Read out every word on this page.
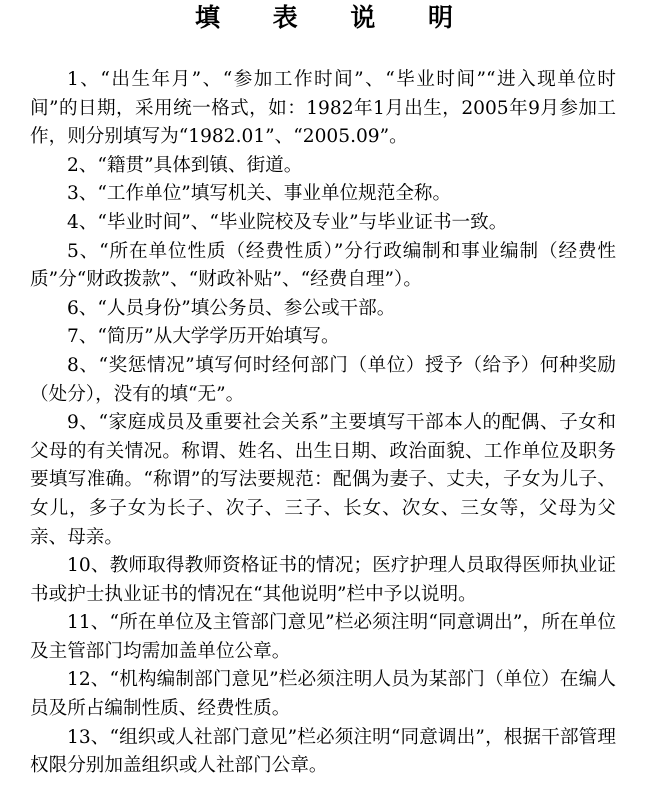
填 表 说 明

1、“出生年月”、“参加工作时间”、“毕业时间”“进入现单位时间”的日期，采用统一格式，如：1982年1月出生，2005年9月参加工作，则分别填写为“1982.01”、“2005.09”。

2、“籍贯”具体到镇、街道。

3、“工作单位”填写机关、事业单位规范全称。

4、“毕业时间”、“毕业院校及专业”与毕业证书一致。

5、“所在单位性质（经费性质）”分行政编制和事业编制（经费性质”分“财政拨款”、“财政补贴”、“经费自理”）。

6、“人员身份”填公务员、参公或干部。

7、“简历”从大学学历开始填写。

8、“奖惩情况”填写何时经何部门（单位）授予（给予）何种奖励（处分），没有的填“无”。

9、“家庭成员及重要社会关系”主要填写干部本人的配偶、子女和父母的有关情况。称谓、姓名、出生日期、政治面貌、工作单位及职务要填写准确。“称谓”的写法要规范：配偶为妻子、丈夫，子女为儿子、女儿，多子女为长子、次子、三子、长女、次女、三女等，父母为父亲、母亲。

10、教师取得教师资格证书的情况；医疗护理人员取得医师执业证书或护士执业证书的情况在“其他说明”栏中予以说明。

11、“所在单位及主管部门意见”栏必须注明“同意调出”，所在单位及主管部门均需加盖单位公章。

12、“机构编制部门意见”栏必须注明人员为某部门（单位）在编人员及所占编制性质、经费性质。

13、“组织或人社部门意见”栏必须注明“同意调出”，根据干部管理权限分别加盖组织或人社部门公章。
